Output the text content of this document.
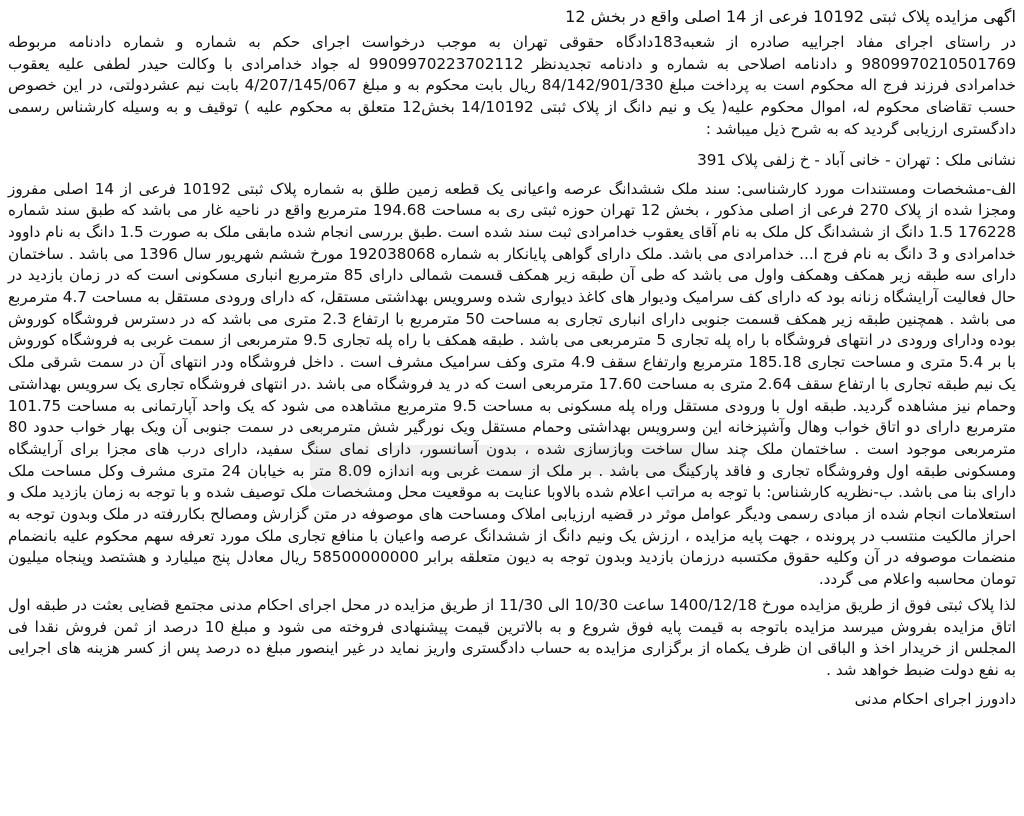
اگهی مزایده پلاک ثبتی 10192 فرعی از 14 اصلی واقع در بخش 12
در راستای اجرای مفاد اجراییه صادره از شعبه183دادگاه حقوقی تهران به موجب درخواست اجرای حکم به شماره و شماره دادنامه مربوطه 9809970210501769 و دادنامه اصلاحی به شماره و دادنامه تجدیدنظر 9909970223702112 له جواد خدامرادی با وکالت حیدر لطفی علیه یعقوب خدامرادی فرزند فرج اله محکوم است به پرداخت مبلغ 84/142/901/330 ریال بابت محکوم به و مبلغ 4/207/145/067 بابت نیم عشردولتی، در این خصوص حسب تقاضای محکوم له، اموال محکوم علیه( یک و نیم دانگ از پلاک ثبتی 14/10192 بخش12 متعلق به محکوم علیه ) توقیف و به وسیله کارشناس رسمی دادگستری ارزیابی گردید که به شرح ذیل میباشد :
نشانی ملک : تهران - خانی آباد - خ زلفی پلاک 391
الف-مشخصات ومستندات مورد کارشناسی: سند ملک ششدانگ عرصه واعیانی یک قطعه زمین طلق به شماره پلاک ثبتی 10192 فرعی از 14 اصلی مفروز ومجزا شده از پلاک 270 فرعی از اصلی مذکور ، بخش 12 تهران حوزه ثبتی ری به مساحت 194.68 مترمربع واقع در ناحیه غار می باشد که طبق سند شماره 176228 1.5 دانگ از ششدانگ کل ملک به نام آقای یعقوب خدامرادی ثبت سند شده است .طبق بررسی انجام شده مابقی ملک به صورت 1.5 دانگ به نام داوود خدامرادی و 3 دانگ به نام فرج ا... خدامرادی می باشد. ملک دارای گواهی پایانکار به شماره 192038068 مورخ ششم شهریور سال 1396 می باشد . ساختمان دارای سه طبقه زیر همکف وهمکف واول می باشد که طی آن طبقه زیر همکف قسمت شمالی دارای 85 مترمربع انباری مسکونی است که در زمان بازدید در حال فعالیت آرایشگاه زنانه بود که دارای کف سرامیک ودیوار های کاغذ دیواری شده وسرویس بهداشتی مستقل، که دارای ورودی مستقل به مساحت 4.7 مترمربع می باشد . همچنین طبقه زیر همکف قسمت جنوبی دارای انباری تجاری به مساحت 50 مترمربع با ارتفاع 2.3 متری می باشد که در دسترس فروشگاه کوروش بوده ودارای ورودی در انتهای فروشگاه با راه پله تجاری 5 مترمربعی می باشد . طبقه همکف با راه پله تجاری 9.5 مترمربعی از سمت غربی به فروشگاه کوروش با بر 5.4 متری و مساحت تجاری 185.18 مترمربع وارتفاع سقف 4.9 متری وکف سرامیک مشرف است . داخل فروشگاه ودر انتهای آن در سمت شرقی ملک یک نیم طبقه تجاری با ارتفاع سقف 2.64 متری به مساحت 17.60 مترمربعی است که در ید فروشگاه می باشد .در انتهای فروشگاه تجاری یک سرویس بهداشتی وحمام نیز مشاهده گردید. طبقه اول با ورودی مستقل وراه پله مسکونی به مساحت 9.5 مترمربع مشاهده می شود که یک واحد آپارتمانی به مساحت 101.75 مترمربع دارای دو اتاق خواب وهال وآشپزخانه این وسرویس بهداشتی وحمام مستقل ویک نورگیر شش مترمربعی در سمت جنوبی آن ویک بهار خواب حدود 80 مترمربعی موجود است . ساختمان ملک چند سال ساخت وبازسازی شده ، بدون آسانسور، دارای نمای سنگ سفید، دارای درب های مجزا برای آرایشگاه ومسکونی طبقه اول وفروشگاه تجاری و فاقد پارکینگ می باشد . بر ملک از سمت غربی وبه اندازه 8.09 متر به خیابان 24 متری مشرف وکل مساحت ملک دارای بنا می باشد. ب-نظریه کارشناس: با توجه به مراتب اعلام شده بالاوبا عنایت به موقعیت محل ومشخصات ملک توصیف شده و با توجه به زمان بازدید ملک و استعلامات انجام شده از مبادی رسمی ودیگر عوامل موثر در قضیه ارزیابی املاک ومساحت های موصوفه در متن گزارش ومصالح بکاررفته در ملک وبدون توجه به احراز مالکیت منتسب در پرونده ، جهت پایه مزایده ، ارزش یک ونیم دانگ از ششدانگ عرصه واعیان با منافع تجاری ملک مورد تعرفه سهم محکوم علیه بانضمام منضمات موصوفه در آن وکلیه حقوق مکتسبه درزمان بازدید وبدون توجه به دیون متعلقه برابر 58500000000 ریال معادل پنج میلیارد و هشتصد وپنجاه میلیون تومان محاسبه واعلام می گردد.
لذا پلاک ثبتی فوق از طریق مزایده مورخ 1400/12/18 ساعت 10/30 الی 11/30 از طریق مزایده در محل اجرای احکام مدنی مجتمع قضایی بعثت در طبقه اول اتاق مزایده بفروش میرسد مزایده باتوجه به قیمت پایه فوق شروع و به بالاترین قیمت پیشنهادی فروخته می شود و مبلغ 10 درصد از ثمن فروش نقدا فی المجلس از خریدار اخذ و الباقی ان ظرف یکماه از برگزاری مزایده به حساب دادگستری واریز نماید در غیر اینصور مبلغ ده درصد پس از کسر هزینه های اجرایی به نفع دولت ضبط خواهد شد .
دادورز اجرای احکام مدنی
